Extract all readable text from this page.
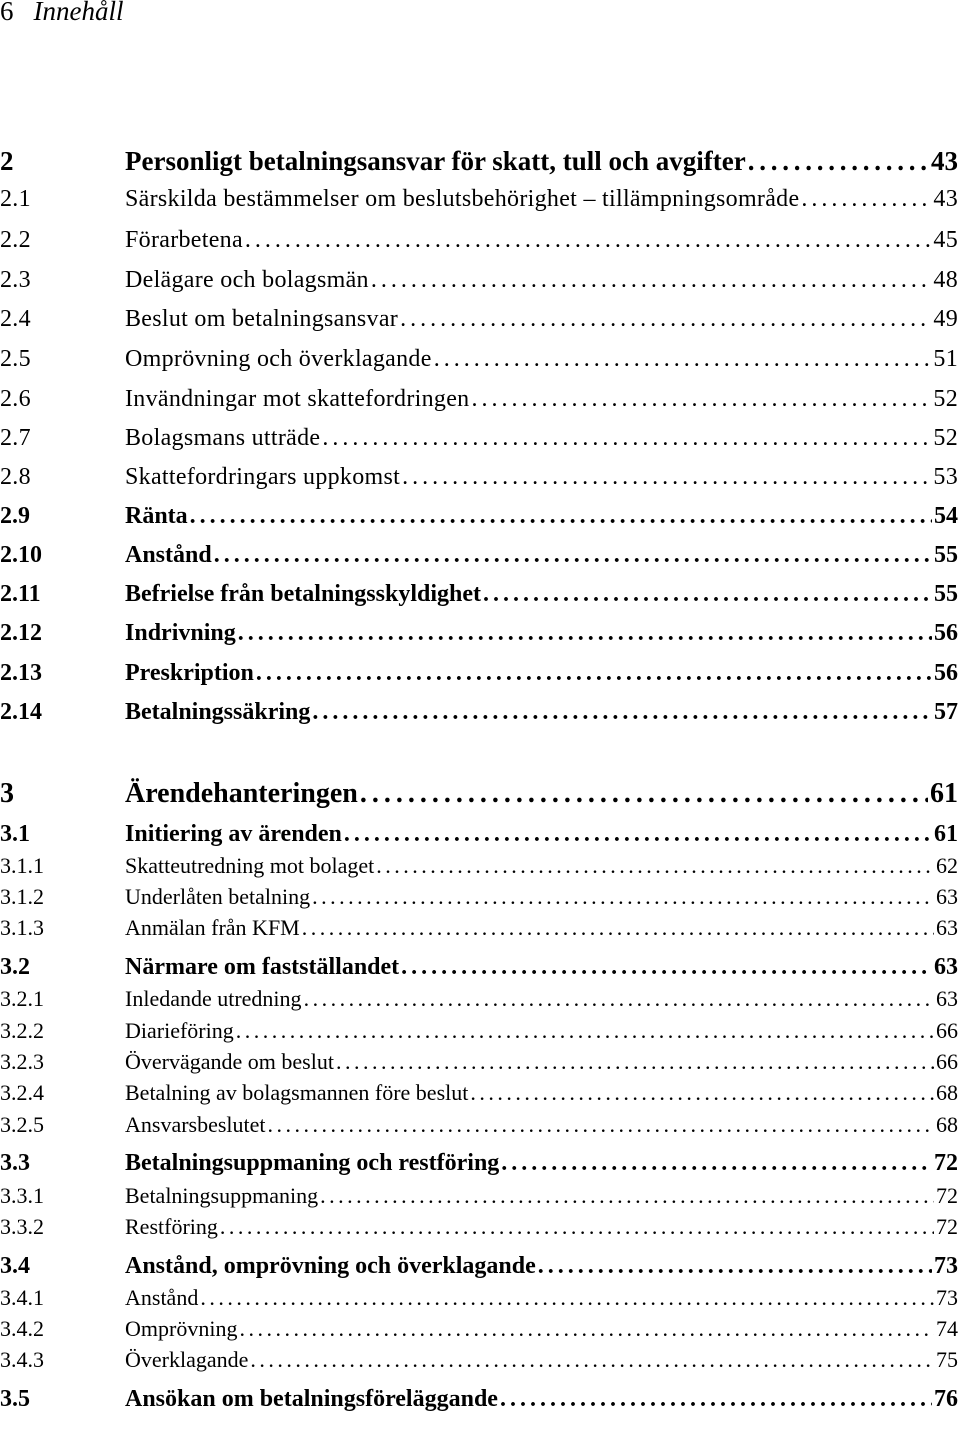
6 Innehåll
2	Personligt betalningsansvar för skatt, tull och avgifter . . .	43
2.1	Särskilda bestämmelser om beslutsbehörighet – tillämpningsområde . . .	43
2.2	Förarbetena . . .	45
2.3	Delägare och bolagsmän . . .	48
2.4	Beslut om betalningsansvar . . .	49
2.5	Omprövning och överklagande . . .	51
2.6	Invändningar mot skattefordringen . . .	52
2.7	Bolagsmans utträde . . .	52
2.8	Skattefordringars uppkomst . . .	53
2.9	Ränta . . .	54
2.10	Anstånd . . .	55
2.11	Befrielse från betalningsskyldighet . . .	55
2.12	Indrivning . . .	56
2.13	Preskription . . .	56
2.14	Betalningssäkring . . .	57
3	Ärendehanteringen . . .	61
3.1	Initiering av ärenden . . .	61
3.1.1	Skatteutredning mot bolaget . . .	62
3.1.2	Underlåten betalning . . .	63
3.1.3	Anmälan från KFM . . .	63
3.2	Närmare om fastställandet . . .	63
3.2.1	Inledande utredning . . .	63
3.2.2	Diarieföring . . .	66
3.2.3	Övervägande om beslut . . .	66
3.2.4	Betalning av bolagsmannen före beslut . . .	68
3.2.5	Ansvarsbeslutet . . .	68
3.3	Betalningsuppmaning och restföring . . .	72
3.3.1	Betalningsuppmaning . . .	72
3.3.2	Restföring . . .	72
3.4	Anstånd, omprövning och överklagande . . .	73
3.4.1	Anstånd . . .	73
3.4.2	Omprövning . . .	74
3.4.3	Överklagande . . .	75
3.5	Ansökan om betalningsföreläggande . . .	76
